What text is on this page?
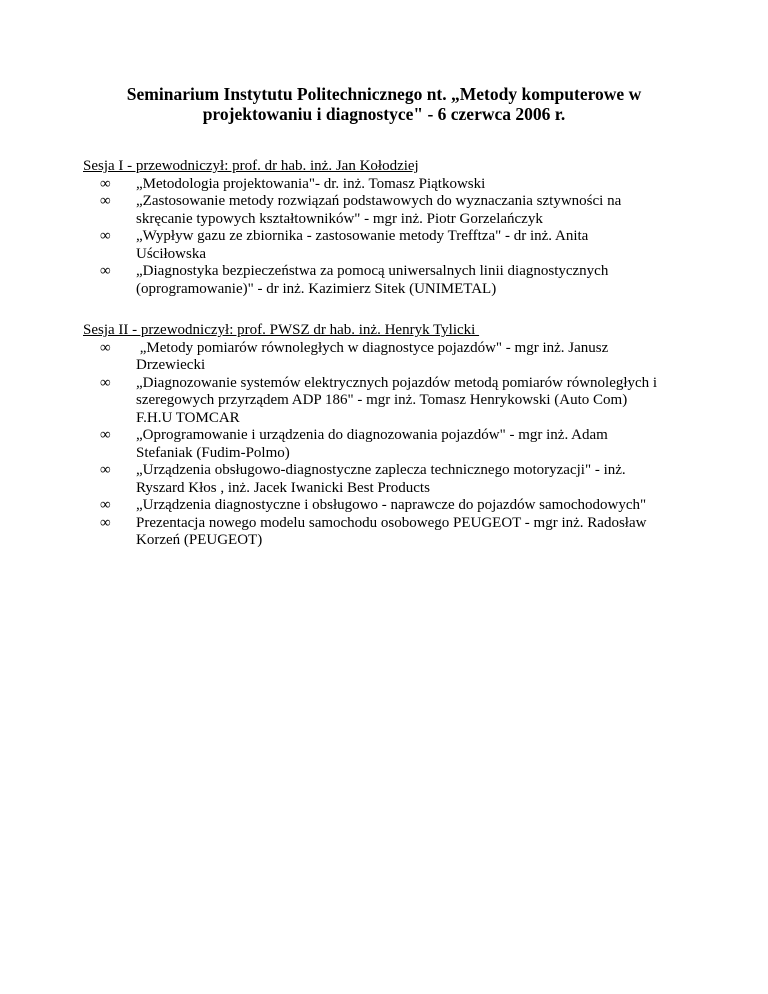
Seminarium Instytutu Politechnicznego nt. „Metody komputerowe w
projektowaniu i diagnostyce" - 6 czerwca 2006 r.
Sesja I - przewodniczył: prof. dr hab. inż. Jan Kołodziej
∞	„Metodologia projektowania"- dr. inż. Tomasz Piątkowski
∞	„Zastosowanie metody rozwiązań podstawowych do wyznaczania sztywności na
skręcanie typowych kształtowników" - mgr inż. Piotr Gorzelańczyk
∞	„Wypływ gazu ze zbiornika - zastosowanie metody Trefftza" - dr inż. Anita
Uściłowska
∞	„Diagnostyka bezpieczeństwa za pomocą uniwersalnych linii diagnostycznych
(oprogramowanie)" - dr inż. Kazimierz Sitek (UNIMETAL)
Sesja II - przewodniczył: prof. PWSZ dr hab. inż. Henryk Tylicki
∞	„Metody pomiarów równoległych w diagnostyce pojazdów" - mgr inż. Janusz
Drzewiecki
∞	„Diagnozowanie systemów elektrycznych pojazdów metodą pomiarów równoległych i
szeregowych przyrządem ADP 186" - mgr inż. Tomasz Henrykowski (Auto Com)
F.H.U TOMCAR
∞	„Oprogramowanie i urządzenia do diagnozowania pojazdów" - mgr inż. Adam
Stefaniak (Fudim-Polmo)
∞	„Urządzenia obsługowo-diagnostyczne zaplecza technicznego motoryzacji" - inż.
Ryszard Kłos , inż. Jacek Iwanicki Best Products
∞	„Urządzenia diagnostyczne i obsługowo - naprawcze do pojazdów samochodowych"
∞	Prezentacja nowego modelu samochodu osobowego PEUGEOT - mgr inż. Radosław
Korzeń (PEUGEOT)
